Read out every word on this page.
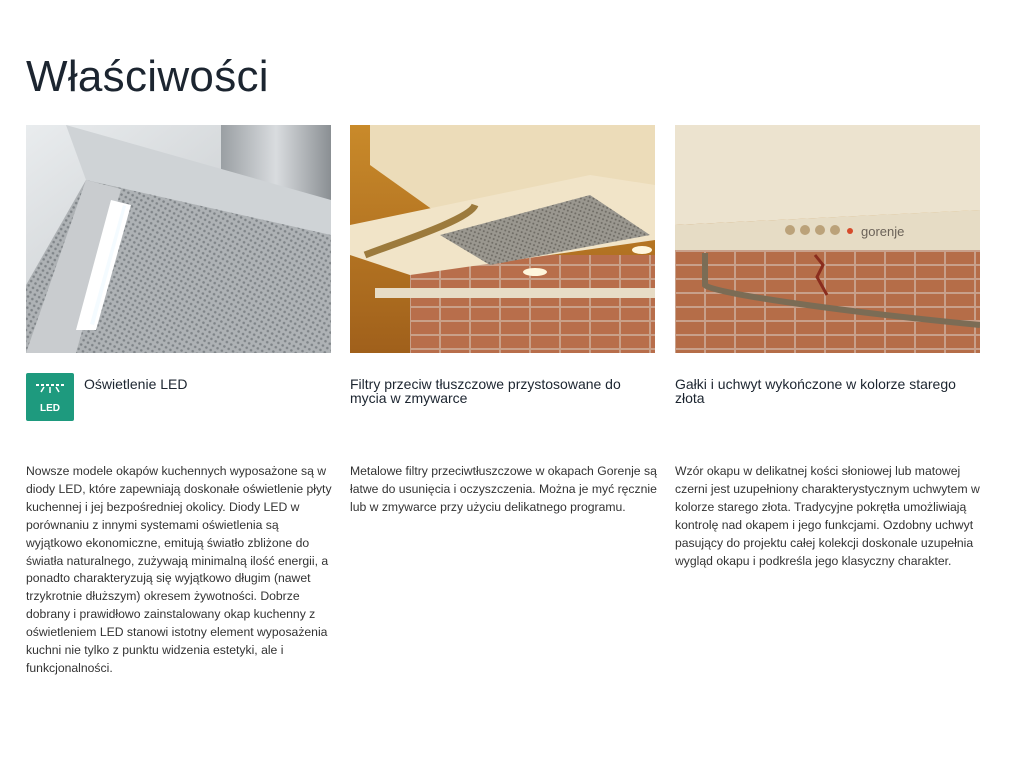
Właściwości
LED
Oświetlenie LED
Nowsze modele okapów kuchennych wyposażone są w diody LED, które zapewniają doskonałe oświetlenie płyty kuchennej i jej bezpośredniej okolicy. Diody LED w porównaniu z innymi systemami oświetlenia są wyjątkowo ekonomiczne, emitują światło zbliżone do światła naturalnego, zużywają minimalną ilość energii, a ponadto charakteryzują się wyjątkowo długim (nawet trzykrotnie dłuższym) okresem żywotności. Dobrze dobrany i prawidłowo zainstalowany okap kuchenny z oświetleniem LED stanowi istotny element wyposażenia kuchni nie tylko z punktu widzenia estetyki, ale i funkcjonalności.
Filtry przeciw tłuszczowe przystosowane do mycia w zmywarce
Metalowe filtry przeciwtłuszczowe w okapach Gorenje są łatwe do usunięcia i oczyszczenia. Można je myć ręcznie lub w zmywarce przy użyciu delikatnego programu.
gorenje
Gałki i uchwyt wykończone w kolorze starego złota
Wzór okapu w delikatnej kości słoniowej lub matowej czerni jest uzupełniony charakterystycznym uchwytem w kolorze starego złota. Tradycyjne pokrętła umożliwiają kontrolę nad okapem i jego funkcjami. Ozdobny uchwyt pasujący do projektu całej kolekcji doskonale uzupełnia wygląd okapu i podkreśla jego klasyczny charakter.
